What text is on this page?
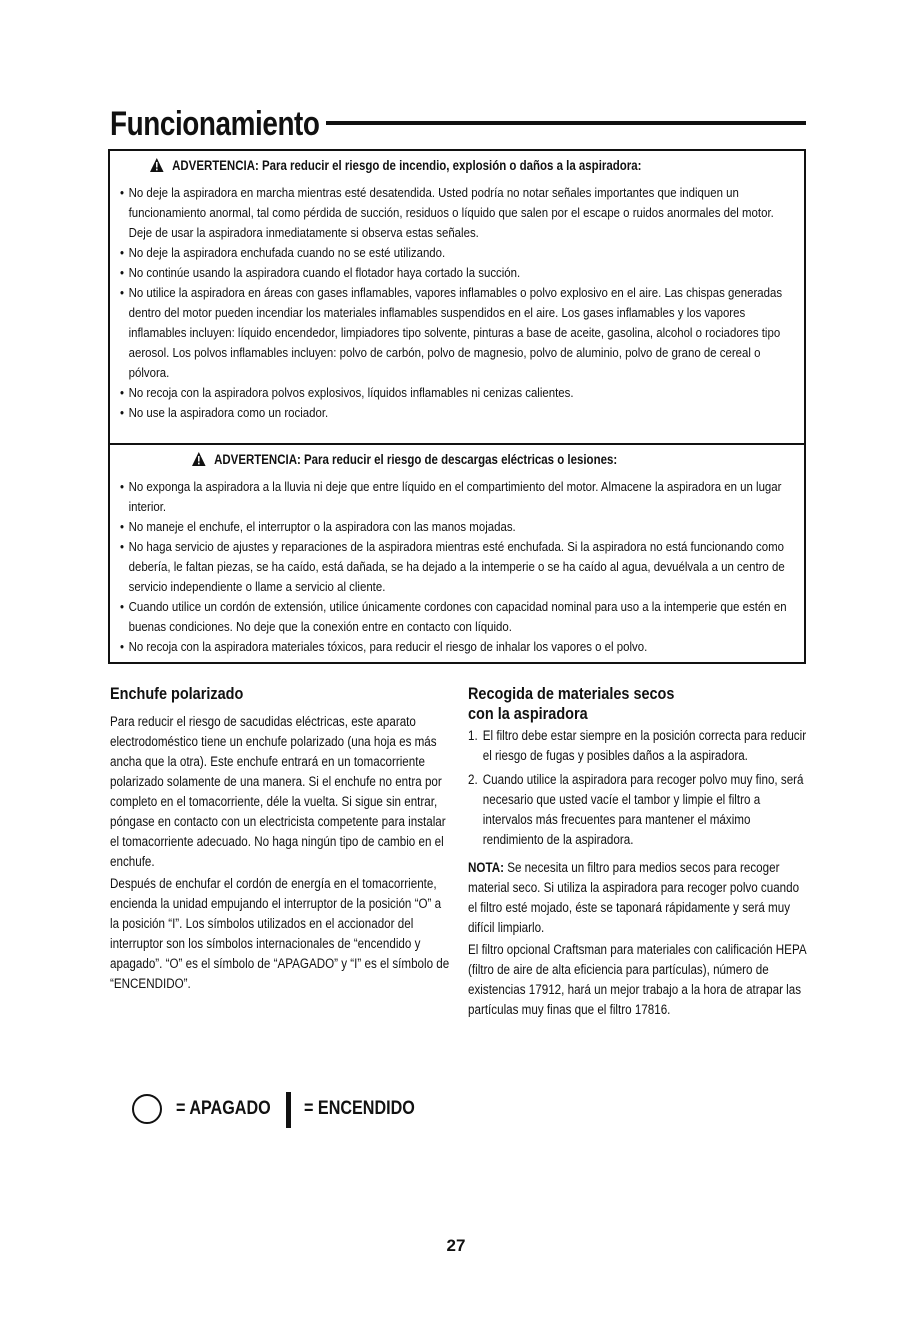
Funcionamiento
ADVERTENCIA: Para reducir el riesgo de incendio, explosión o daños a la aspiradora:
• No deje la aspiradora en marcha mientras esté desatendida. Usted podría no notar señales importantes que indiquen un funcionamiento anormal, tal como pérdida de succión, residuos o líquido que salen por el escape o ruidos anormales del motor. Deje de usar la aspiradora inmediatamente si observa estas señales.
• No deje la aspiradora enchufada cuando no se esté utilizando.
• No continúe usando la aspiradora cuando el flotador haya cortado la succión.
• No utilice la aspiradora en áreas con gases inflamables, vapores inflamables o polvo explosivo en el aire. Las chispas generadas dentro del motor pueden incendiar los materiales inflamables suspendidos en el aire. Los gases inflamables y los vapores inflamables incluyen: líquido encendedor, limpiadores tipo solvente, pinturas a base de aceite, gasolina, alcohol o rociadores tipo aerosol. Los polvos inflamables incluyen: polvo de carbón, polvo de magnesio, polvo de aluminio, polvo de grano de cereal o pólvora.
• No recoja con la aspiradora polvos explosivos, líquidos inflamables ni cenizas calientes.
• No use la aspiradora como un rociador.
ADVERTENCIA: Para reducir el riesgo de descargas eléctricas o lesiones:
• No exponga la aspiradora a la lluvia ni deje que entre líquido en el compartimiento del motor. Almacene la aspiradora en un lugar interior.
• No maneje el enchufe, el interruptor o la aspiradora con las manos mojadas.
• No haga servicio de ajustes y reparaciones de la aspiradora mientras esté enchufada. Si la aspiradora no está funcionando como debería, le faltan piezas, se ha caído, está dañada, se ha dejado a la intemperie o se ha caído al agua, devuélvala a un centro de servicio independiente o llame a servicio al cliente.
• Cuando utilice un cordón de extensión, utilice únicamente cordones con capacidad nominal para uso a la intemperie que estén en buenas condiciones. No deje que la conexión entre en contacto con líquido.
• No recoja con la aspiradora materiales tóxicos, para reducir el riesgo de inhalar los vapores o el polvo.
Enchufe polarizado

Para reducir el riesgo de sacudidas eléctricas, este aparato electrodoméstico tiene un enchufe polarizado (una hoja es más ancha que la otra). Este enchufe entrará en un tomacorriente polarizado solamente de una manera. Si el enchufe no entra por completo en el tomacorriente, déle la vuelta. Si sigue sin entrar, póngase en contacto con un electricista competente para instalar el tomacorriente adecuado. No haga ningún tipo de cambio en el enchufe.

Después de enchufar el cordón de energía en el tomacorriente, encienda la unidad empujando el interruptor de la posición “O” a la posición “I”. Los símbolos utilizados en el accionador del interruptor son los símbolos internacionales de “encendido y apagado”. “O” es el símbolo de “APAGADO” y “I” es el símbolo de “ENCENDIDO”.

= APAGADO = ENCENDIDO
Recogida de materiales secos
con la aspiradora
1. El filtro debe estar siempre en la posición correcta para reducir el riesgo de fugas y posibles daños a la aspiradora.
2. Cuando utilice la aspiradora para recoger polvo muy fino, será necesario que usted vacíe el tambor y limpie el filtro a intervalos más frecuentes para mantener el máximo rendimiento de la aspiradora.

NOTA: Se necesita un filtro para medios secos para recoger material seco. Si utiliza la aspiradora para recoger polvo cuando el filtro esté mojado, éste se taponará rápidamente y será muy difícil limpiarlo.

El filtro opcional Craftsman para materiales con calificación HEPA (filtro de aire de alta eficiencia para partículas), número de existencias 17912, hará un mejor trabajo a la hora de atrapar las partículas muy finas que el filtro 17816.

27
